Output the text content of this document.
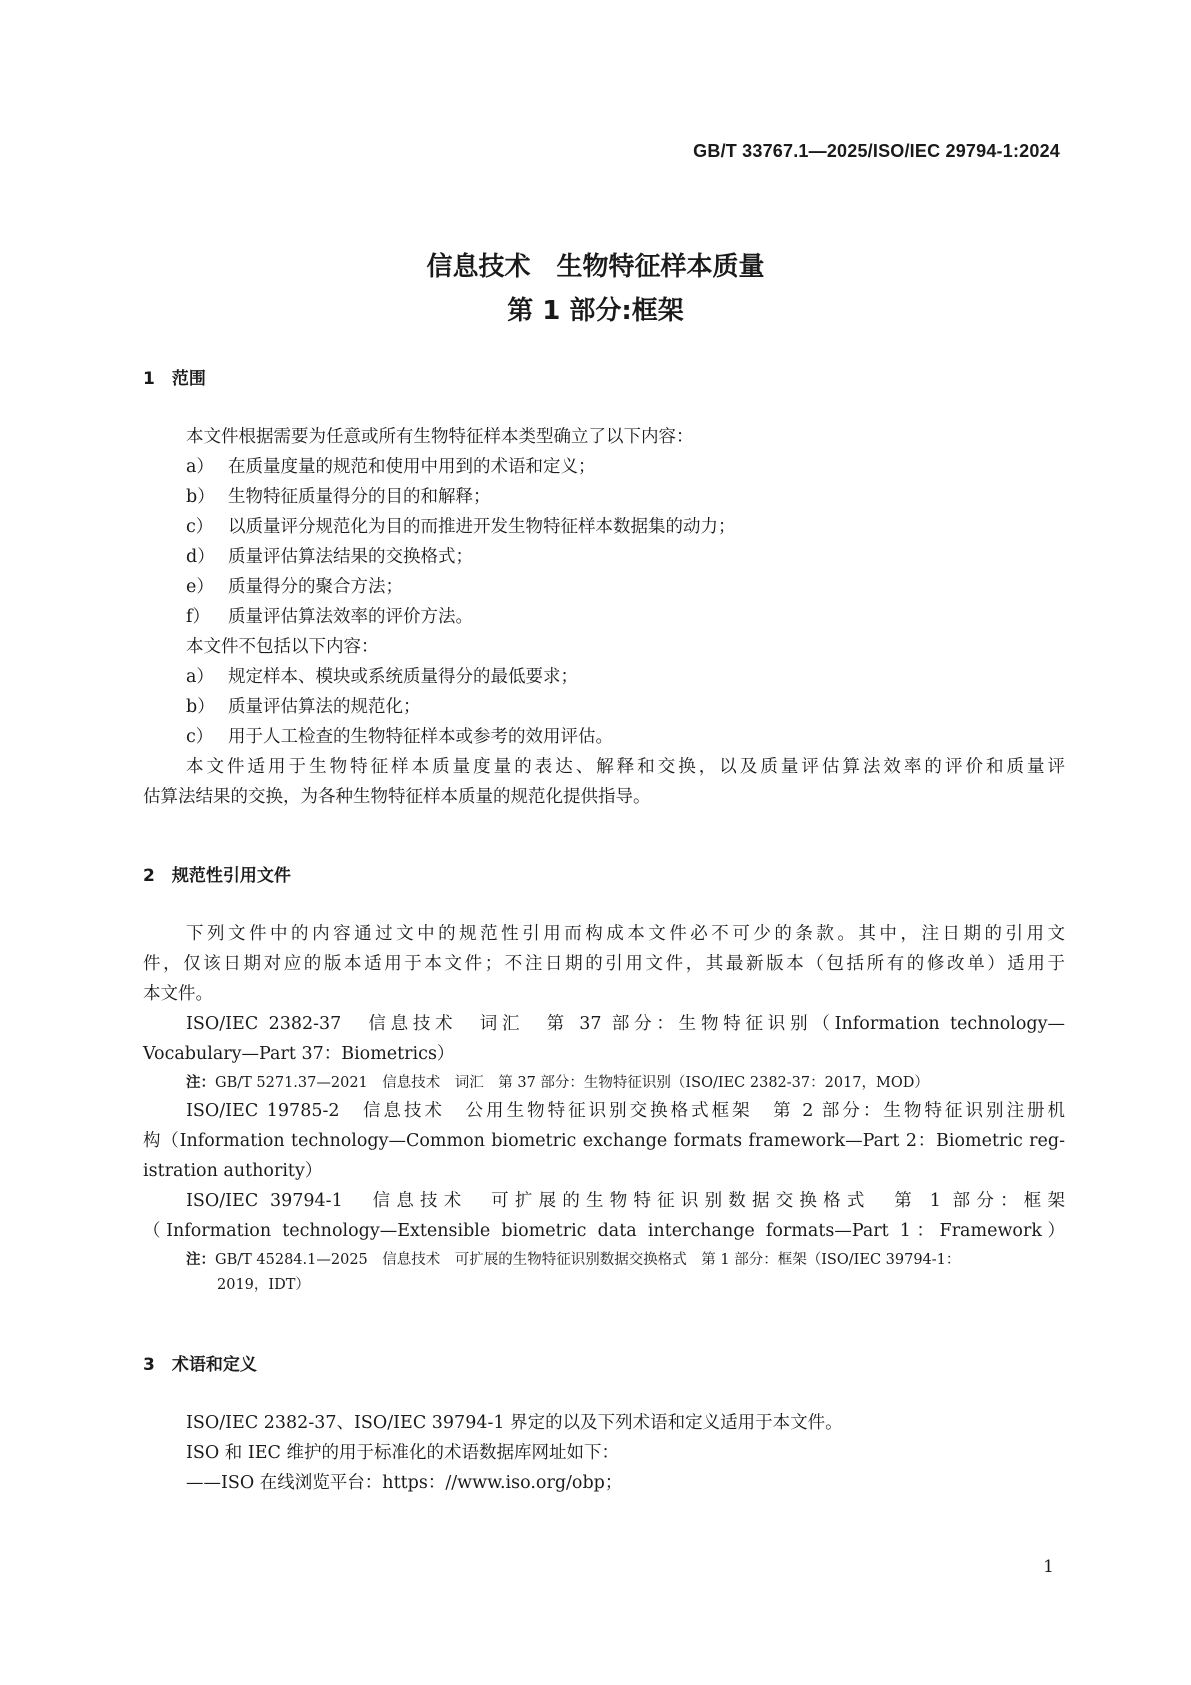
GB/T 33767.1—2025/ISO/IEC 29794-1:2024
信息技术　生物特征样本质量
第 1 部分:框架
1　范围
本文件根据需要为任意或所有生物特征样本类型确立了以下内容：
a） 在质量度量的规范和使用中用到的术语和定义；
b） 生物特征质量得分的目的和解释；
c） 以质量评分规范化为目的而推进开发生物特征样本数据集的动力；
d） 质量评估算法结果的交换格式；
e） 质量得分的聚合方法；
f） 质量评估算法效率的评价方法。
本文件不包括以下内容：
a） 规定样本、模块或系统质量得分的最低要求；
b） 质量评估算法的规范化；
c） 用于人工检查的生物特征样本或参考的效用评估。
本文件适用于生物特征样本质量度量的表达、解释和交换，以及质量评估算法效率的评价和质量评
估算法结果的交换，为各种生物特征样本质量的规范化提供指导。
2　规范性引用文件
下列文件中的内容通过文中的规范性引用而构成本文件必不可少的条款。其中，注日期的引用文
件，仅该日期对应的版本适用于本文件；不注日期的引用文件，其最新版本（包括所有的修改单）适用于
本文件。
ISO/IEC 2382-37　信息技术　词汇　第 37 部分：生物特征识别（Information technology—
Vocabulary—Part 37：Biometrics）
注：GB/T 5271.37—2021　信息技术　词汇　第 37 部分：生物特征识别（ISO/IEC 2382-37：2017，MOD）
ISO/IEC 19785-2　信息技术　公用生物特征识别交换格式框架　第 2 部分：生物特征识别注册机
构（Information technology—Common biometric exchange formats framework—Part 2：Biometric reg-
istration authority）
ISO/IEC 39794-1　信息技术　可扩展的生物特征识别数据交换格式　第 1 部分：框架
（Information technology—Extensible biometric data interchange formats—Part 1：Framework）
注：GB/T 45284.1—2025　信息技术　可扩展的生物特征识别数据交换格式　第 1 部分：框架（ISO/IEC 39794-1：
2019，IDT）
3　术语和定义
ISO/IEC 2382-37、ISO/IEC 39794-1 界定的以及下列术语和定义适用于本文件。
ISO 和 IEC 维护的用于标准化的术语数据库网址如下：
——ISO 在线浏览平台：https：//www.iso.org/obp；
1
